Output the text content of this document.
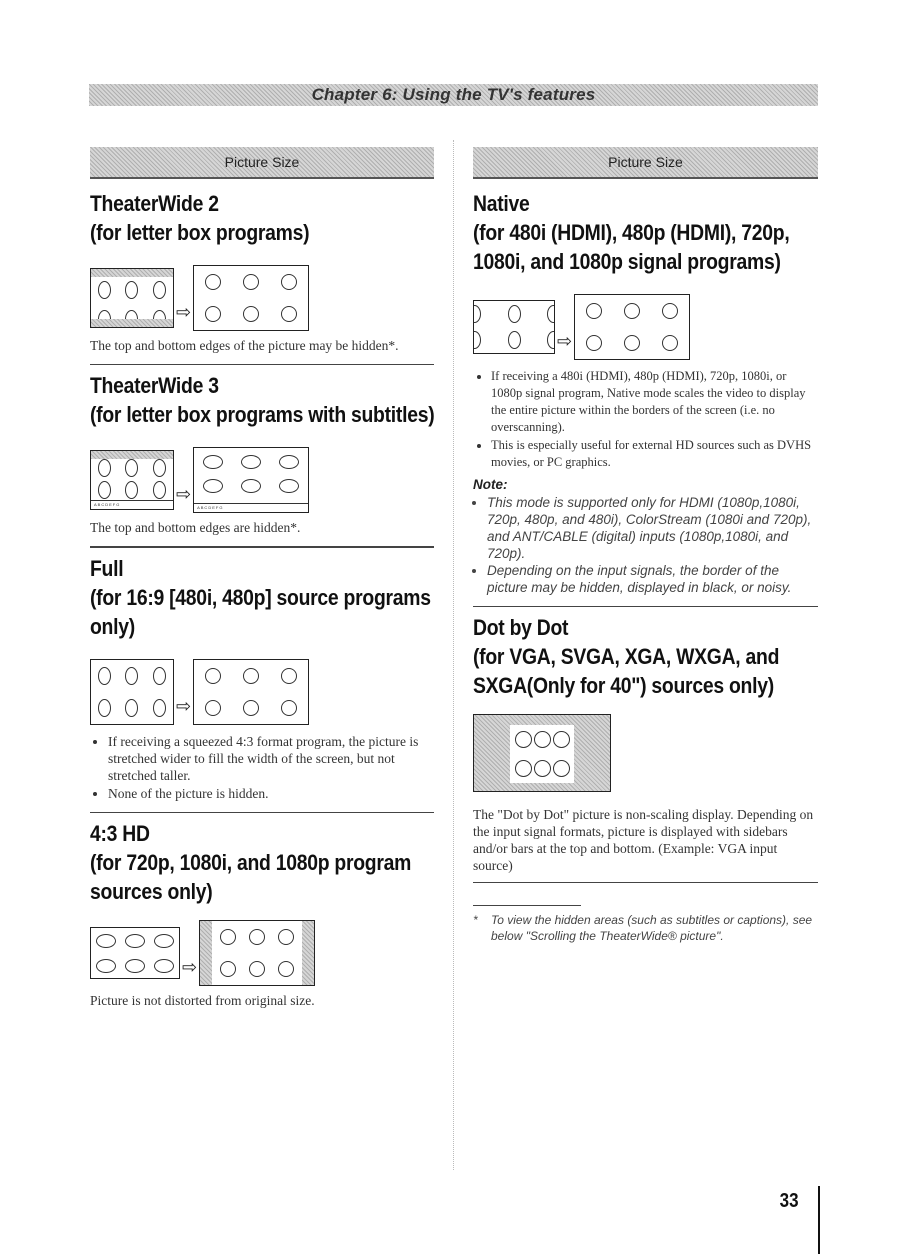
Chapter 6: Using the TV's features
Picture Size
TheaterWide 2
(for letter box programs)
⇨

The top and bottom edges of the picture may be hidden*.

TheaterWide 3
(for letter box programs with subtitles)
ABCDEFG
⇨
ABCDEFG

The top and bottom edges are hidden*.

Full
(for 16:9 [480i, 480p] source programs only)
⇨
• If receiving a squeezed 4:3 format program, the picture is stretched wider to fill the width of the screen, but not stretched taller.
• None of the picture is hidden.
4:3 HD
(for 720p, 1080i, and 1080p program sources only)
⇨

Picture is not distorted from original size.

Picture Size
Native
(for 480i (HDMI), 480p (HDMI), 720p, 1080i, and 1080p signal programs)
⇨
• If receiving a 480i (HDMI), 480p (HDMI), 720p, 1080i, or 1080p signal program, Native mode scales the video to display the entire picture within the borders of the screen (i.e. no overscanning).
• This is especially useful for external HD sources such as DVHS movies, or PC graphics.
Note:
• This mode is supported only for HDMI (1080p,1080i, 720p, 480p, and 480i), ColorStream (1080i and 720p), and ANT/CABLE (digital) inputs (1080p,1080i, and 720p).
• Depending on the input signals, the border of the picture may be hidden, displayed in black, or noisy.
Dot by Dot
(for VGA, SVGA, XGA, WXGA, and SXGA(Only for 40") sources only)

The "Dot by Dot" picture is non-scaling display. Depending on the input signal formats, picture is displayed with sidebars and/or bars at the top and bottom. (Example: VGA input source)

*	To view the hidden areas (such as subtitles or captions), see below "Scrolling the TheaterWide® picture".
33
